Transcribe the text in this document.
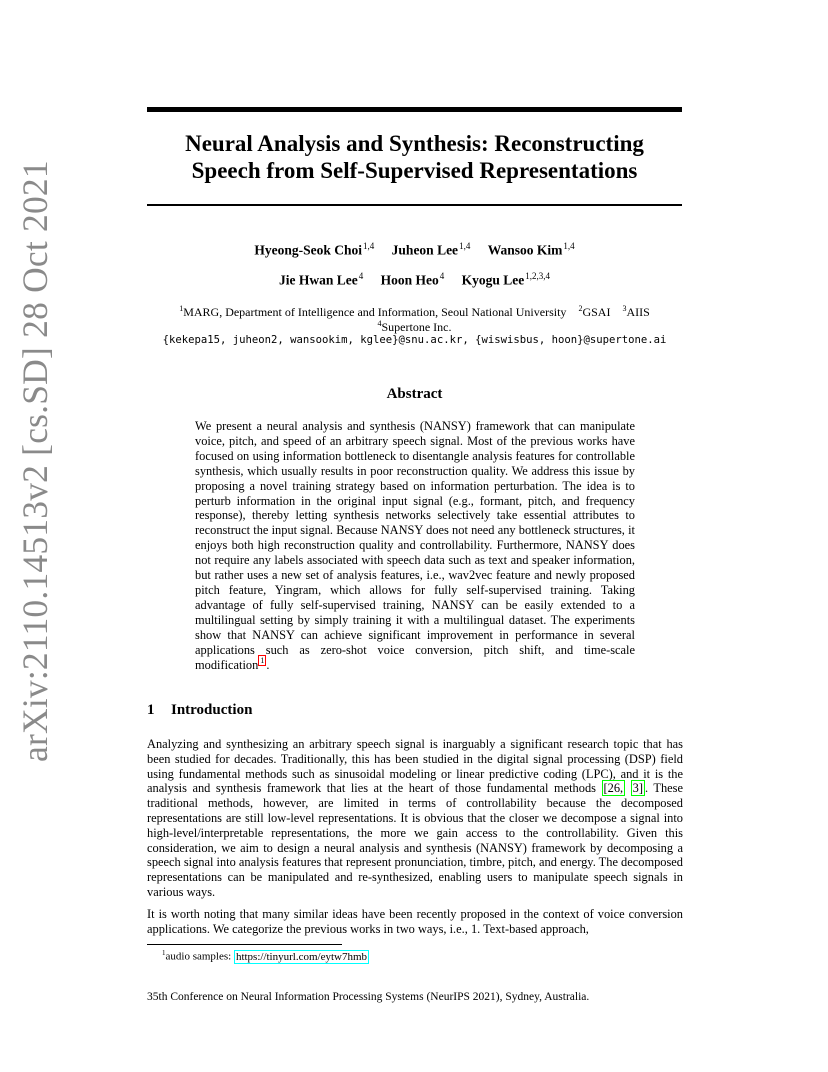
arXiv:2110.14513v2 [cs.SD] 28 Oct 2021
Neural Analysis and Synthesis: Reconstructing
Speech from Self-Supervised Representations
Hyeong-Seok Choi$^{1,4}$ Juheon Lee$^{1,4}$ Wansoo Kim$^{1,4}$
Jie Hwan Lee$^4$ Hoon Heo$^4$ Kyogu Lee$^{1,2,3,4}$
$^1$MARG, Department of Intelligence and Information, Seoul National University $^2$GSAI $^3$AIIS
$^4$Supertone Inc.
{kekepa15, juheon2, wansookim, kglee}@snu.ac.kr, {wiswisbus, hoon}@supertone.ai
Abstract

We present a neural analysis and synthesis (NANSY) framework that can manipulate voice, pitch, and speed of an arbitrary speech signal. Most of the previous works have focused on using information bottleneck to disentangle analysis features for controllable synthesis, which usually results in poor reconstruction quality. We address this issue by proposing a novel training strategy based on information perturbation. The idea is to perturb information in the original input signal (e.g., formant, pitch, and frequency response), thereby letting synthesis networks selectively take essential attributes to reconstruct the input signal. Because NANSY does not need any bottleneck structures, it enjoys both high reconstruction quality and controllability. Furthermore, NANSY does not require any labels associated with speech data such as text and speaker information, but rather uses a new set of analysis features, i.e., wav2vec feature and newly proposed pitch feature, Yingram, which allows for fully self-supervised training. Taking advantage of fully self-supervised training, NANSY can be easily extended to a multilingual setting by simply training it with a multilingual dataset. The experiments show that NANSY can achieve significant improvement in performance in several applications such as zero-shot voice conversion, pitch shift, and time-scale modification $^1$ .

1 Introduction

Analyzing and synthesizing an arbitrary speech signal is inarguably a significant research topic that has been studied for decades. Traditionally, this has been studied in the digital signal processing (DSP) field using fundamental methods such as sinusoidal modeling or linear predictive coding (LPC), and it is the analysis and synthesis framework that lies at the heart of those fundamental methods [26, 3] . These traditional methods, however, are limited in terms of controllability because the decomposed representations are still low-level representations. It is obvious that the closer we decompose a signal into high-level/interpretable representations, the more we gain access to the controllability. Given this consideration, we aim to design a neural analysis and synthesis (NANSY) framework by decomposing a speech signal into analysis features that represent pronunciation, timbre, pitch, and energy. The decomposed representations can be manipulated and re-synthesized, enabling users to manipulate speech signals in various ways.

It is worth noting that many similar ideas have been recently proposed in the context of voice conversion applications. We categorize the previous works in two ways, i.e., 1. Text-based approach,

$^1$audio samples: https://tinyurl.com/eytw7hmb
35th Conference on Neural Information Processing Systems (NeurIPS 2021), Sydney, Australia.
